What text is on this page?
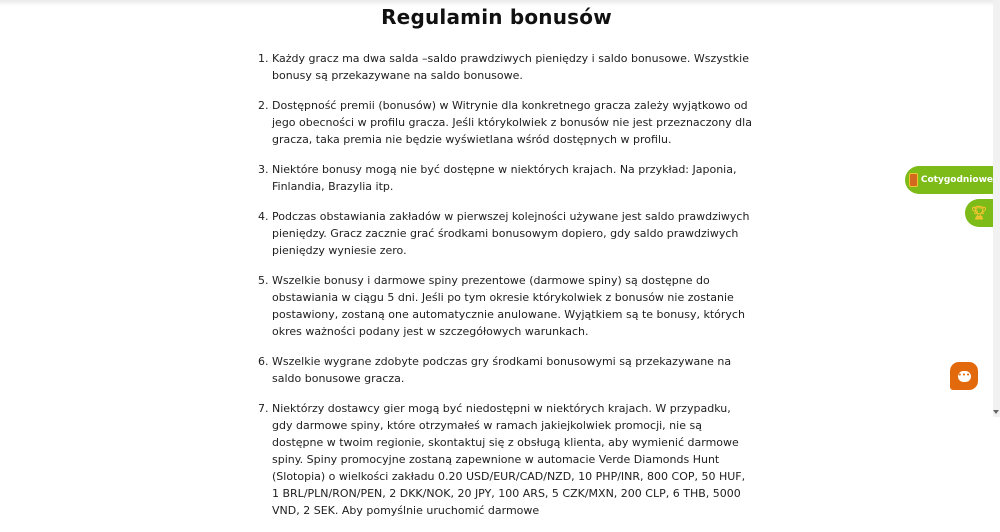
Regulamin bonusów
1. Każdy gracz ma dwa salda –saldo prawdziwych pieniędzy i saldo bonusowe. Wszystkie bonusy są przekazywane na saldo bonusowe.
2. Dostępność premii (bonusów) w Witrynie dla konkretnego gracza zależy wyjątkowo od jego obecności w profilu gracza. Jeśli którykolwiek z bonusów nie jest przeznaczony dla gracza, taka premia nie będzie wyświetlana wśród dostępnych w profilu.
3. Niektóre bonusy mogą nie być dostępne w niektórych krajach. Na przykład: Japonia, Finlandia, Brazylia itp.
4. Podczas obstawiania zakładów w pierwszej kolejności używane jest saldo prawdziwych pieniędzy. Gracz zacznie grać środkami bonusowym dopiero, gdy saldo prawdziwych pieniędzy wyniesie zero.
5. Wszelkie bonusy i darmowe spiny prezentowe (darmowe spiny) są dostępne do obstawiania w ciągu 5 dni. Jeśli po tym okresie którykolwiek z bonusów nie zostanie postawiony, zostaną one automatycznie anulowane. Wyjątkiem są te bonusy, których okres ważności podany jest w szczegółowych warunkach.
6. Wszelkie wygrane zdobyte podczas gry środkami bonusowymi są przekazywane na saldo bonusowe gracza.
7. Niektórzy dostawcy gier mogą być niedostępni w niektórych krajach. W przypadku, gdy darmowe spiny, które otrzymałeś w ramach jakiejkolwiek promocji, nie są dostępne w twoim regionie, skontaktuj się z obsługą klienta, aby wymienić darmowe spiny. Spiny promocyjne zostaną zapewnione w automacie Verde Diamonds Hunt (Slotopia) o wielkości zakładu 0.20 USD/EUR/CAD/NZD, 10 PHP/INR, 800 COP, 50 HUF, 1 BRL/PLN/RON/PEN, 2 DKK/NOK, 20 JPY, 100 ARS, 5 CZK/MXN, 200 CLP, 6 THB, 5000 VND, 2 SEK. Aby pomyślnie uruchomić darmowe
Cotygodniowe
🏆︎
•••
